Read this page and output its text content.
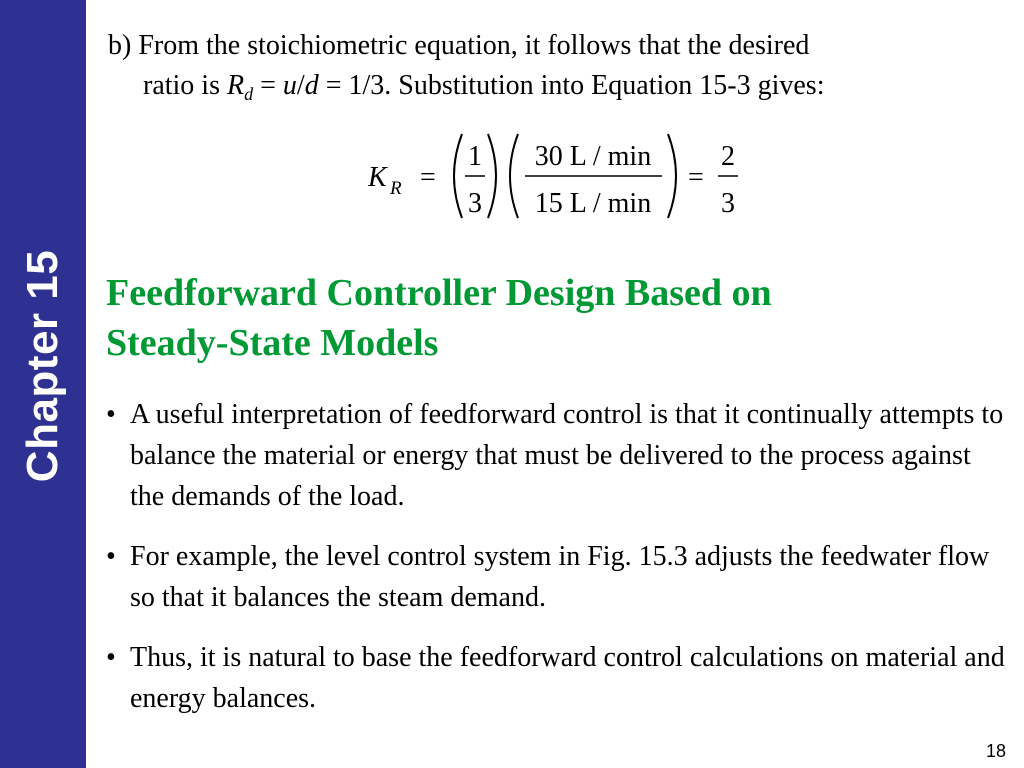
Chapter 15
b) From the stoichiometric equation, it follows that the desired
ratio is $R_d = u/d = 1/3$. Substitution into Equation 15-3 gives:
K R =
1
3
30 L / min
15 L / min
=
2
3
Feedforward Controller Design Based on
Steady-State Models
• A useful interpretation of feedforward control is that it continually attempts to balance the material or energy that must be delivered to the process against the demands of the load.
• For example, the level control system in Fig. 15.3 adjusts the feedwater flow so that it balances the steam demand.
• Thus, it is natural to base the feedforward control calculations on material and energy balances.
18
